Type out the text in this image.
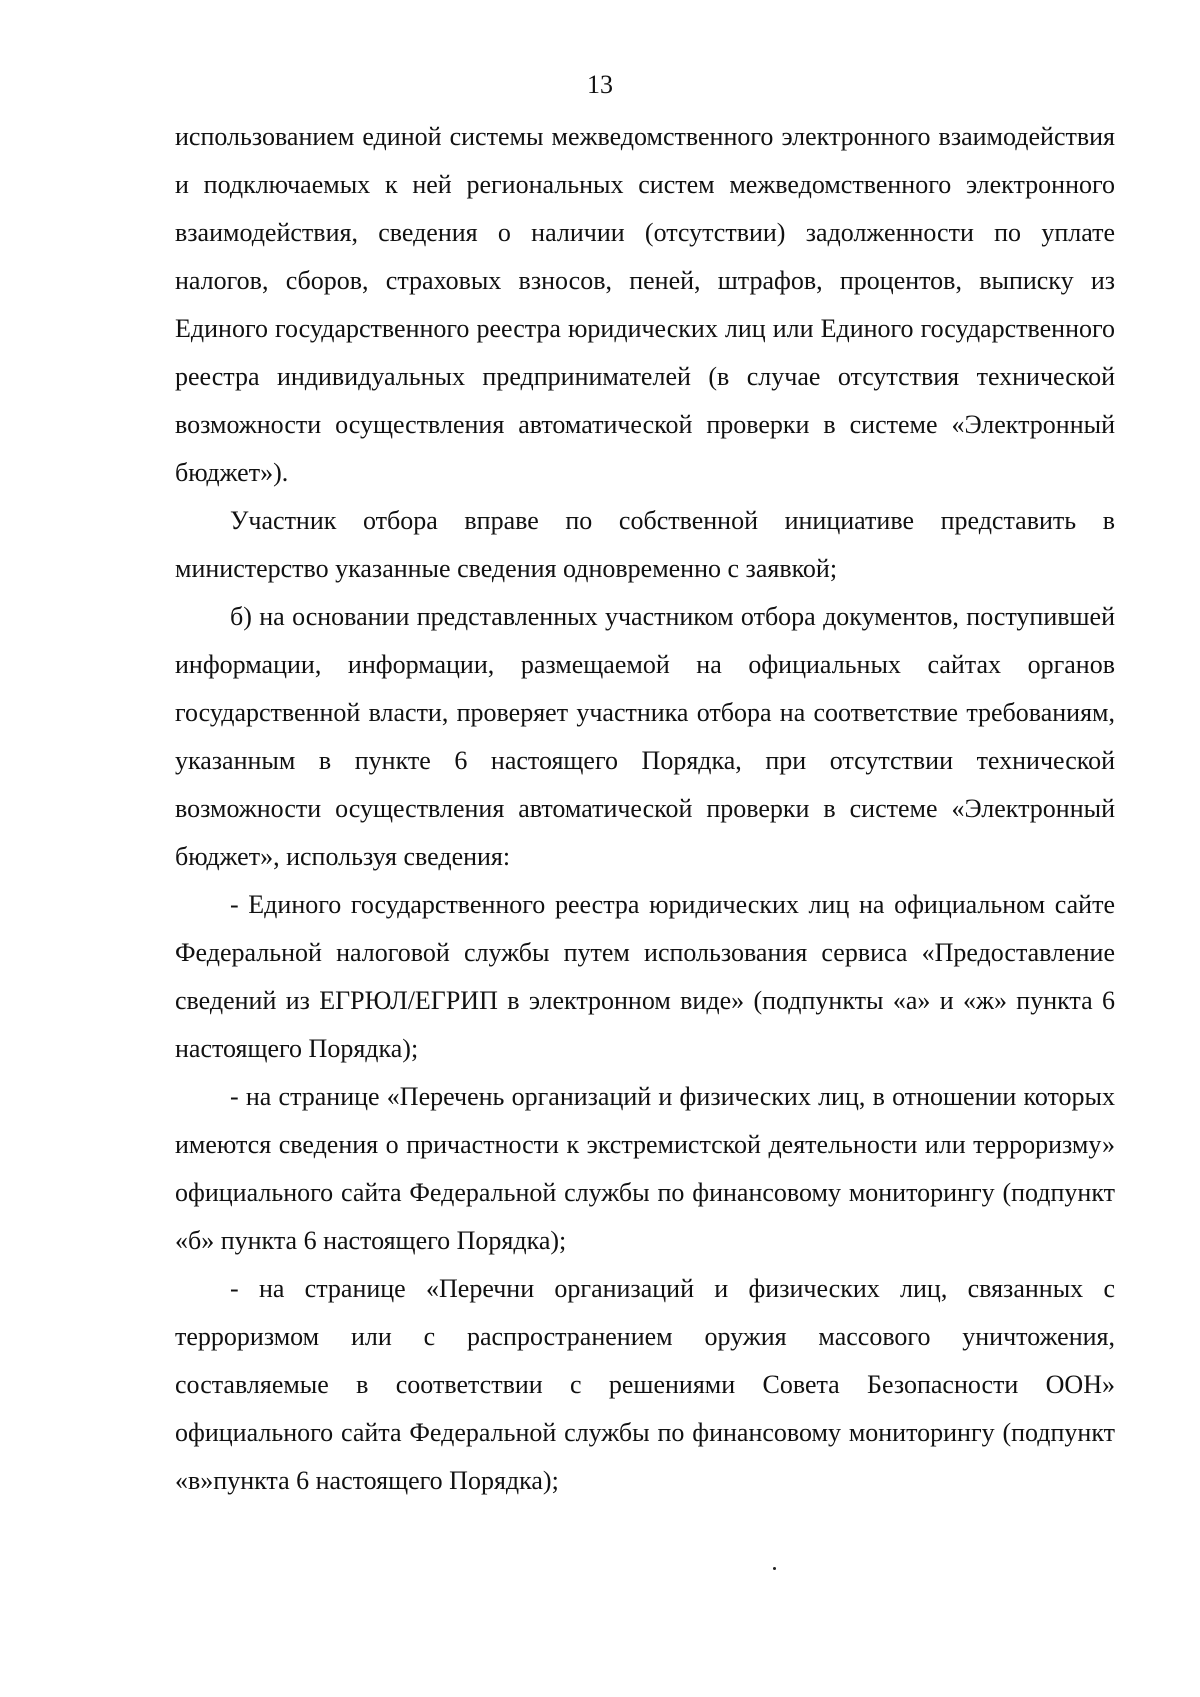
13

использованием единой системы межведомственного электронного взаимодействия и подключаемых к ней региональных систем межведомственного электронного взаимодействия, сведения о наличии (отсутствии) задолженности по уплате налогов, сборов, страховых взносов, пеней, штрафов, процентов, выписку из Единого государственного реестра юридических лиц или Единого государственного реестра индивидуальных предпринимателей (в случае отсутствия технической возможности осуществления автоматической проверки в системе «Электронный бюджет»).

Участник отбора вправе по собственной инициативе представить в министерство указанные сведения одновременно с заявкой;

б) на основании представленных участником отбора документов, поступившей информации, информации, размещаемой на официальных сайтах органов государственной власти, проверяет участника отбора на соответствие требованиям, указанным в пункте 6 настоящего Порядка, при отсутствии технической возможности осуществления автоматической проверки в системе «Электронный бюджет», используя сведения:

- Единого государственного реестра юридических лиц на официальном сайте Федеральной налоговой службы путем использования сервиса «Предоставление сведений из ЕГРЮЛ/ЕГРИП в электронном виде» (подпункты «а» и «ж» пункта 6 настоящего Порядка);

- на странице «Перечень организаций и физических лиц, в отношении которых имеются сведения о причастности к экстремистской деятельности или терроризму» официального сайта Федеральной службы по финансовому мониторингу (подпункт «б» пункта 6 настоящего Порядка);

- на странице «Перечни организаций и физических лиц, связанных с терроризмом или с распространением оружия массового уничтожения, составляемые в соответствии с решениями Совета Безопасности ООН» официального сайта Федеральной службы по финансовому мониторингу (подпункт «в»пункта 6 настоящего Порядка);
